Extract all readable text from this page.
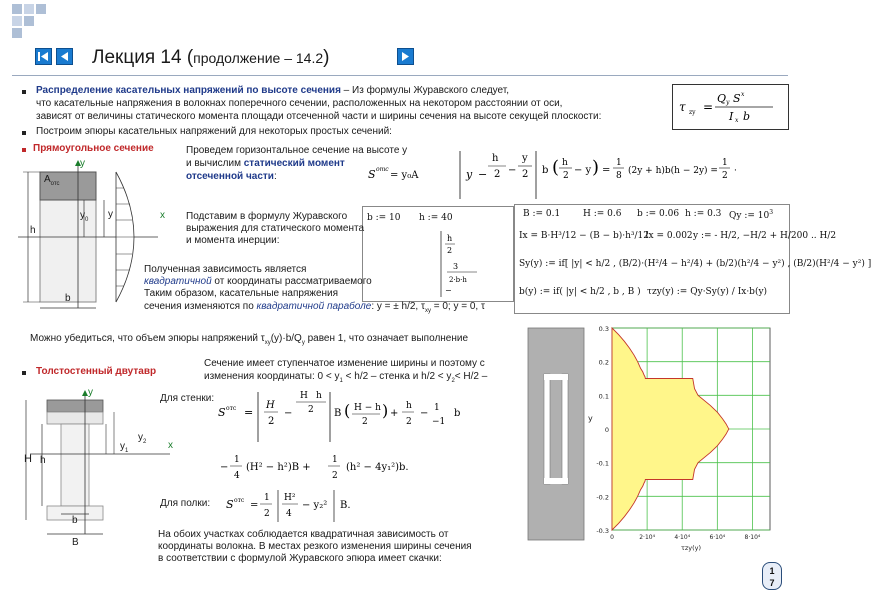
Лекция 14 (продолжение – 14.2)
Распределение касательных напряжений по высоте сечения – Из формулы Журавского следует,
что касательные напряжения в волокнах поперечного сечении, расположенных на некотором расстоянии от оси,
зависят от величины статического момента площади отсеченной части и ширины сечения на высоте секущей плоскости:
Построим эпюры касательных напряжений для некоторых простых сечений:
τ zy =
Q y S x
I x b
Прямоугольное сечение
y
x
$A_{отс}$
$y_0$ y
h
b
Проведем горизонтальное сечение на высоте y
и вычислим статический момент
отсеченной части:	S отс
= y₀A	y −
h
2 −
y
2 b ( h
2 − y ) =
1
8 (2y + h)b(h − 2y) =
1
2 ·
b := 10 h := 40
h
2
3
2·b·h
−
B := 0.1	H := 0.6 b := 0.06 h := 0.3 Qy := $10^3$
Ix = B·H³/12 − (B − b)·h³/12
Ix = 0.002 y := - H/2, −H/2 + H/200 .. H/2
Sy(y) := if[ |y| < h/2 , (B/2)·(H²/4 − h²/4) + (b/2)(h²/4 − y²) , (B/2)(H²/4 − y²) ]
b(y) := if( |y| < h/2 , b , B ) τzy(y) := Qy·Sy(y) / Ix·b(y)
Подставим в формулу Журавского
выражения для статического момента
и момента инерции:
Полученная зависимость является
квадратичной от координаты рассматриваемого
Таким образом, касательные напряжения
сечения изменяются по квадратичной параболе: y = ± h/2, $\tau_{xy} = 0$; y = 0, τ
Можно убедиться, что объем эпюры напряжений $\tau_{xy}(y)\cdot b/Q_y$ равен 1, что означает выполнение
Толстостенный двутавр
y
x
$y_1$
$y_2$
H h
b
B
Сечение имеет ступенчатое изменение ширины и поэтому с
изменения координаты: $0 < y_1 < h/2$ – стенка и $h/2 < y_2< H/2$ –
Для стенки:
S отс =
H
2
−
H h
2 B ( H − h
2
) +
h
2
− 1
−1
b
−
1
4
(H² − h²)B +
1
2
(h² − 4y₁²)b.
Для полки: S отс =
1
2
H²
4
− y₂² B.
На обоих участках соблюдается квадратичная зависимость от
координаты волокна. В местах резкого изменения ширины сечения
в соответствии с формулой Журавского эпюра имеет скачки:
0.3
0.2
0.1
0
-0.1
-0.2
-0.3
0	2·10⁴	4·10⁴	6·10⁴	8·10⁴
y
τzy(y)
1
7
